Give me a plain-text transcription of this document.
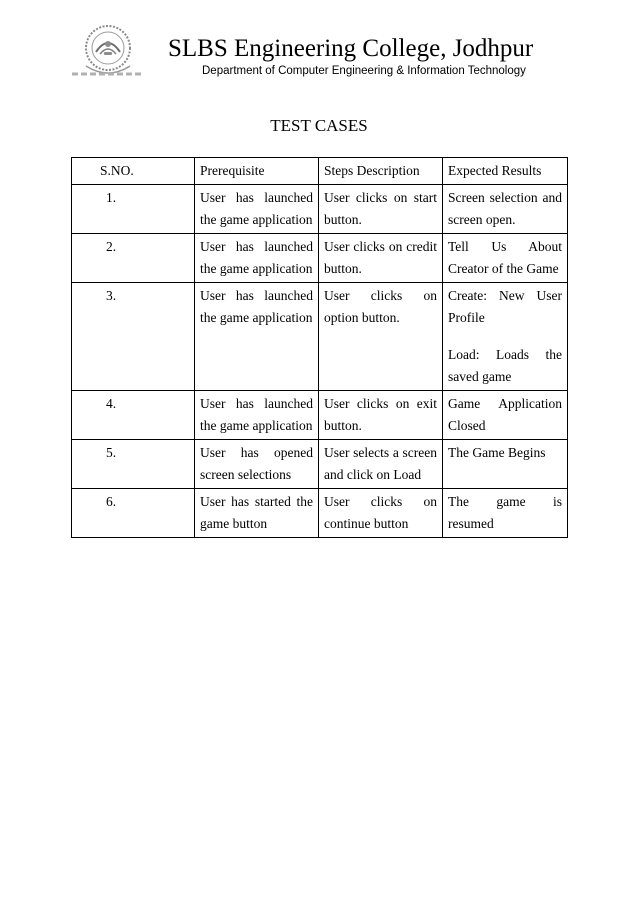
SLBS Engineering College, Jodhpur
Department of Computer Engineering & Information Technology
TEST CASES
S.NO.	Prerequisite	Steps Description	Expected Results
1.	User has launched the game application	User clicks on start button.	Screen selection and screen open.
2.	User has launched the game application	User clicks on credit button.	Tell Us About Creator of the Game
3.	User has launched the game application	User clicks on option button.	Create: New User Profile
Load: Loads the saved game
4.	User has launched the game application	User clicks on exit button.	Game Application Closed
5.	User has opened screen selections	User selects a screen and click on Load	The Game Begins
6.	User has started the game button	User clicks on continue button	The game is resumed
